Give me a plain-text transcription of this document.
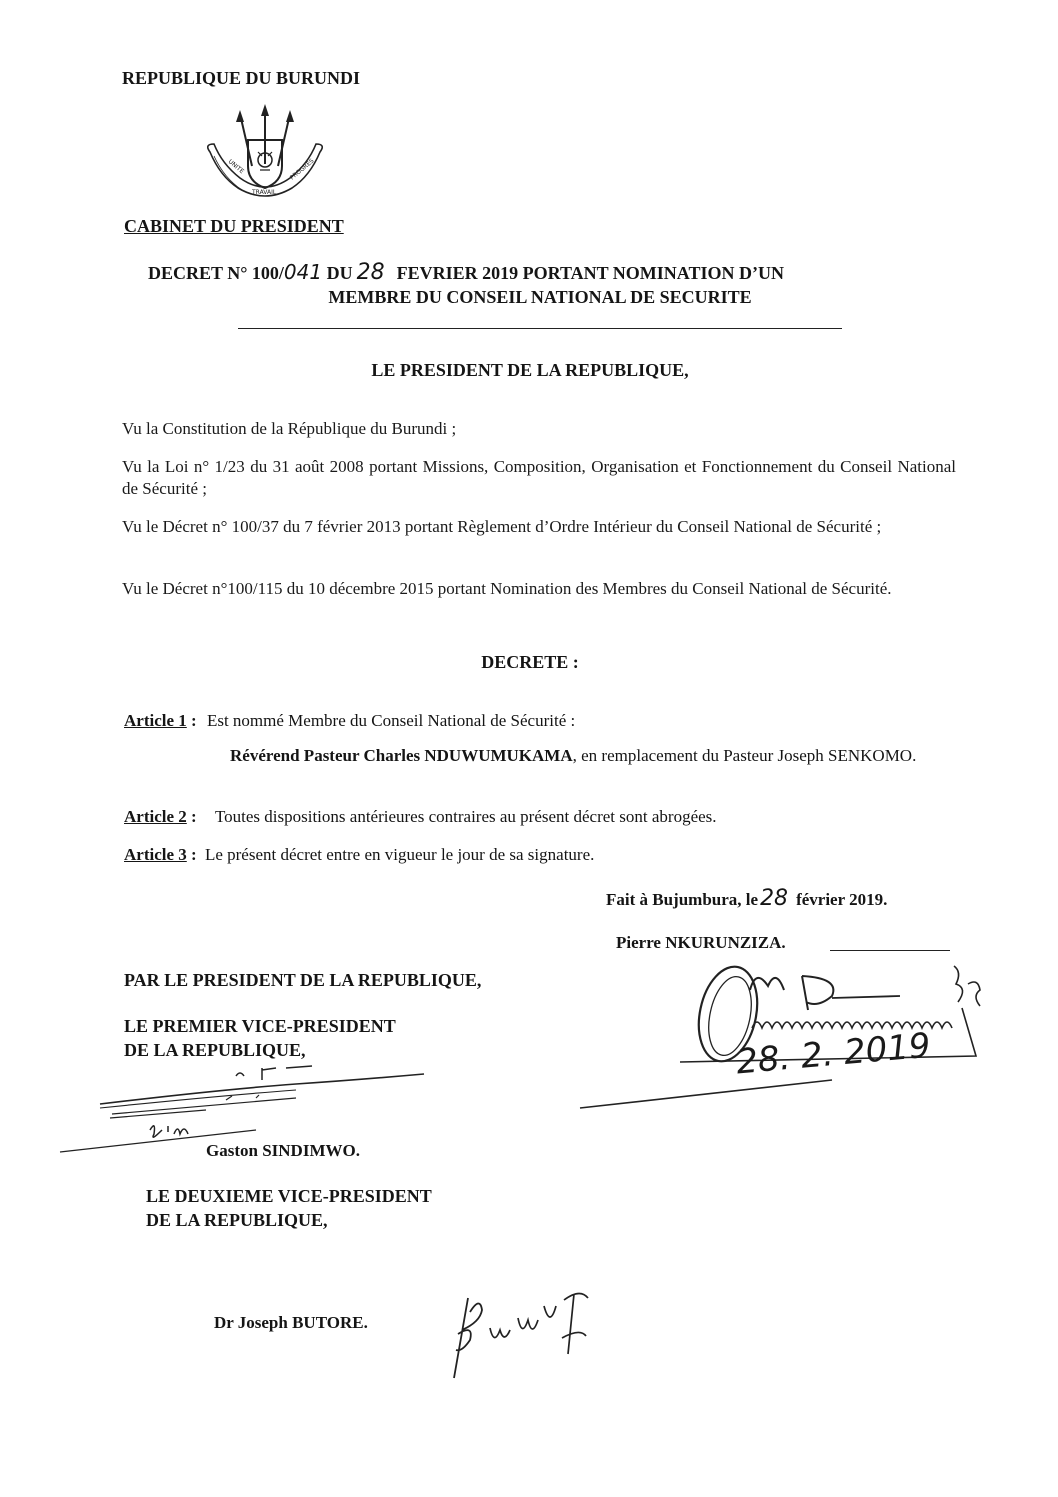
REPUBLIQUE DU BURUNDI
UNITE
TRAVAIL
PROGRES
CABINET DU PRESIDENT
DECRET N° 100/041 DU 28 FEVRIER 2019 PORTANT NOMINATION D’UN
MEMBRE DU CONSEIL NATIONAL DE SECURITE
LE PRESIDENT DE LA REPUBLIQUE,
Vu la Constitution de la République du Burundi ;
Vu la Loi n° 1/23 du 31 août 2008 portant Missions, Composition, Organisation et Fonctionnement du Conseil National de Sécurité ;
Vu le Décret n° 100/37 du 7 février 2013 portant Règlement d’Ordre Intérieur du Conseil National de Sécurité ;
Vu le Décret n°100/115 du 10 décembre 2015 portant Nomination des Membres du Conseil National de Sécurité.
DECRETE :
Article 1 : Est nommé Membre du Conseil National de Sécurité :
Révérend Pasteur Charles NDUWUMUKAMA, en remplacement du Pasteur Joseph SENKOMO.
Article 2 : Toutes dispositions antérieures contraires au présent décret sont abrogées.
Article 3 : Le présent décret entre en vigueur le jour de sa signature.
Fait à Bujumbura, le28 février 2019.
Pierre NKURUNZIZA.
28. 2. 2019
PAR LE PRESIDENT DE LA REPUBLIQUE,
LE PREMIER VICE-PRESIDENT
DE LA REPUBLIQUE,
Gaston SINDIMWO.
LE DEUXIEME VICE-PRESIDENT
DE LA REPUBLIQUE,
Dr Joseph BUTORE.
